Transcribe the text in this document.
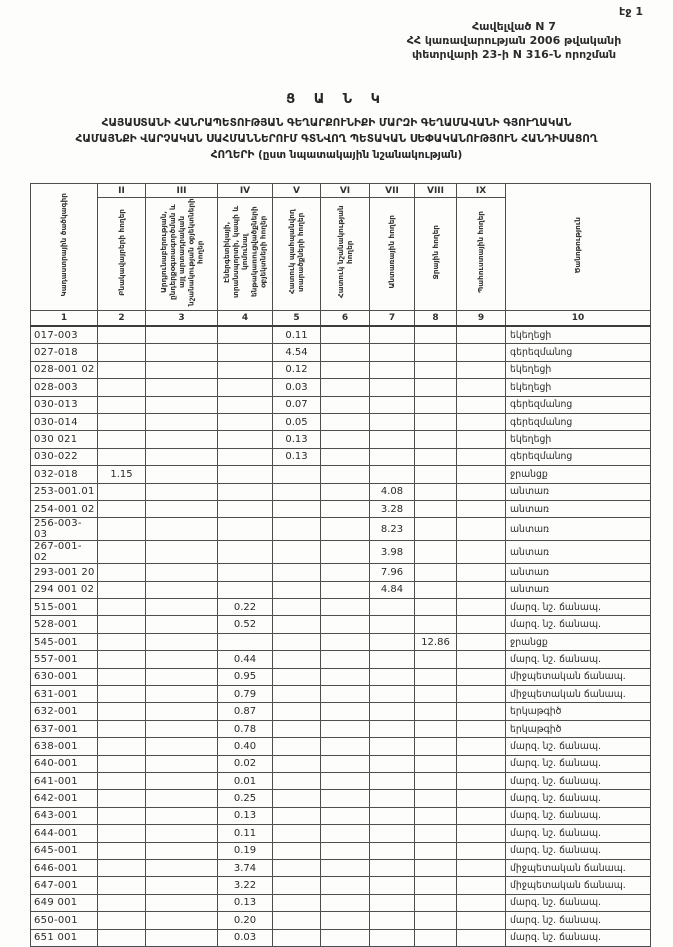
էջ 1
Հավելված N 7
ՀՀ կառավարության 2006 թվականի
փետրվարի 23-ի N 316-Ն որոշման
Ց Ա Ն Կ
ՀԱՅԱՍՏԱՆԻ ՀԱՆՐԱՊԵՏՈՒԹՅԱՆ ԳԵՂԱՐՔՈՒՆԻՔԻ ՄԱՐԶԻ ԳԵՂԱՄԱՎԱՆԻ ԳՅՈՒՂԱԿԱՆ
ՀԱՄԱՅՆՔԻ ՎԱՐՉԱԿԱՆ ՍԱՀՄԱՆՆԵՐՈՒՄ ԳՏՆՎՈՂ ՊԵՏԱԿԱՆ ՍԵՓԱԿԱՆՈՒԹՅՈՒՆ ՀԱՆԴԻՍԱՑՈՂ
ՀՈՂԵՐԻ (ըստ նպատակային նշանակության)
Կադաստրային ծածկագիր	II	III	IV	V	VI	VII	VIII	IX	Ծանոթություն
	Բնակավայրերի հողեր	Արդյունաբերության, ընդերքօգտագործման և այլ արտադրական նշանակության օբյեկտների հողեր	Էներգետիկայի, տրանսպորտի, կապի և կոմունալ ենթակառուցվածքների օբյեկտների հողեր	Հատուկ պահպանվող տարածքների հողեր	Հատուկ նշանակության հողեր	Անտառային հողեր	Ջրային հողեր	Պահուստային հողեր	
1	2	3	4	5	6	7	8	9	10
017-003				0.11					եկեղեցի
027-018				4.54					գերեզմանոց
028-001 02				0.12					եկեղեցի
028-003				0.03					եկեղեցի
030-013				0.07					գերեզմանոց
030-014				0.05					գերեզմանոց
030 021				0.13					եկեղեցի
030-022				0.13					գերեզմանոց
032-018	1.15								ջրանցք
253-001.01						4.08			անտառ
254-001 02						3.28			անտառ
256-003-03						8.23			անտառ
267-001-02						3.98			անտառ
293-001 20						7.96			անտառ
294 001 02						4.84			անտառ
515-001			0.22						մարզ. նշ. ճանապ.
528-001			0.52						մարզ. նշ. ճանապ.
545-001							12.86		ջրանցք
557-001			0.44						մարզ. նշ. ճանապ.
630-001			0.95						միջպետական ճանապ.
631-001			0.79						միջպետական ճանապ.
632-001			0.87						երկաթգիծ
637-001			0.78						երկաթգիծ
638-001			0.40						մարզ. նշ. ճանապ.
640-001			0.02						մարզ. նշ. ճանապ.
641-001			0.01						մարզ. նշ. ճանապ.
642-001			0.25						մարզ. նշ. ճանապ.
643-001			0.13						մարզ. նշ. ճանապ.
644-001			0.11						մարզ. նշ. ճանապ.
645-001			0.19						մարզ. նշ. ճանապ.
646-001			3.74						միջպետական ճանապ.
647-001			3.22						միջպետական ճանապ.
649 001			0.13						մարզ. նշ. ճանապ.
650-001			0.20						մարզ. նշ. ճանապ.
651 001			0.03						մարզ. նշ. ճանապ.
